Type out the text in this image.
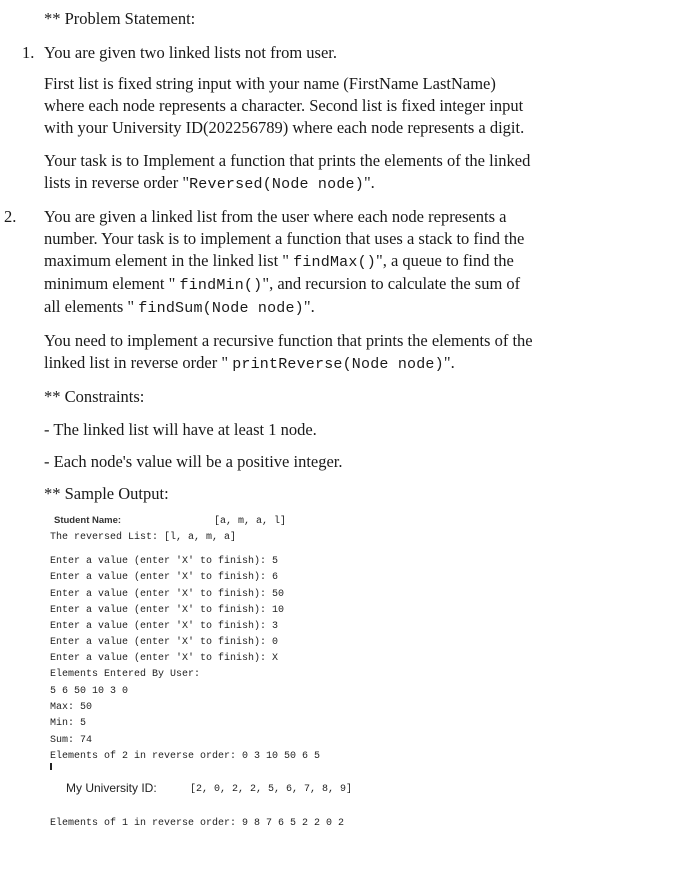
** Problem Statement:
1. You are given two linked lists not from user.
First list is fixed string input with your name (FirstName LastName)
where each node represents a character. Second list is fixed integer input
with your University ID(202256789) where each node represents a digit.
Your task is to Implement a function that prints the elements of the linked
lists in reverse order "Reversed(Node node)".
2. You are given a linked list from the user where each node represents a
number. Your task is to implement a function that uses a stack to find the
maximum element in the linked list " findMax()", a queue to find the
minimum element " findMin()", and recursion to calculate the sum of
all elements " findSum(Node node)".
You need to implement a recursive function that prints the elements of the
linked list in reverse order " printReverse(Node node)".
** Constraints:
- The linked list will have at least 1 node.
- Each node's value will be a positive integer.
** Sample Output:
Student Name:	[a, m, a, l]
The reversed List: [l, a, m, a]
Enter a value (enter 'X' to finish): 5
Enter a value (enter 'X' to finish): 6
Enter a value (enter 'X' to finish): 50
Enter a value (enter 'X' to finish): 10
Enter a value (enter 'X' to finish): 3
Enter a value (enter 'X' to finish): 0
Enter a value (enter 'X' to finish): X
Elements Entered By User:
5 6 50 10 3 0
Max: 50
Min: 5
Sum: 74
Elements of 2 in reverse order: 0 3 10 50 6 5
My University ID:	[2, 0, 2, 2, 5, 6, 7, 8, 9]
Elements of 1 in reverse order: 9 8 7 6 5 2 2 0 2
